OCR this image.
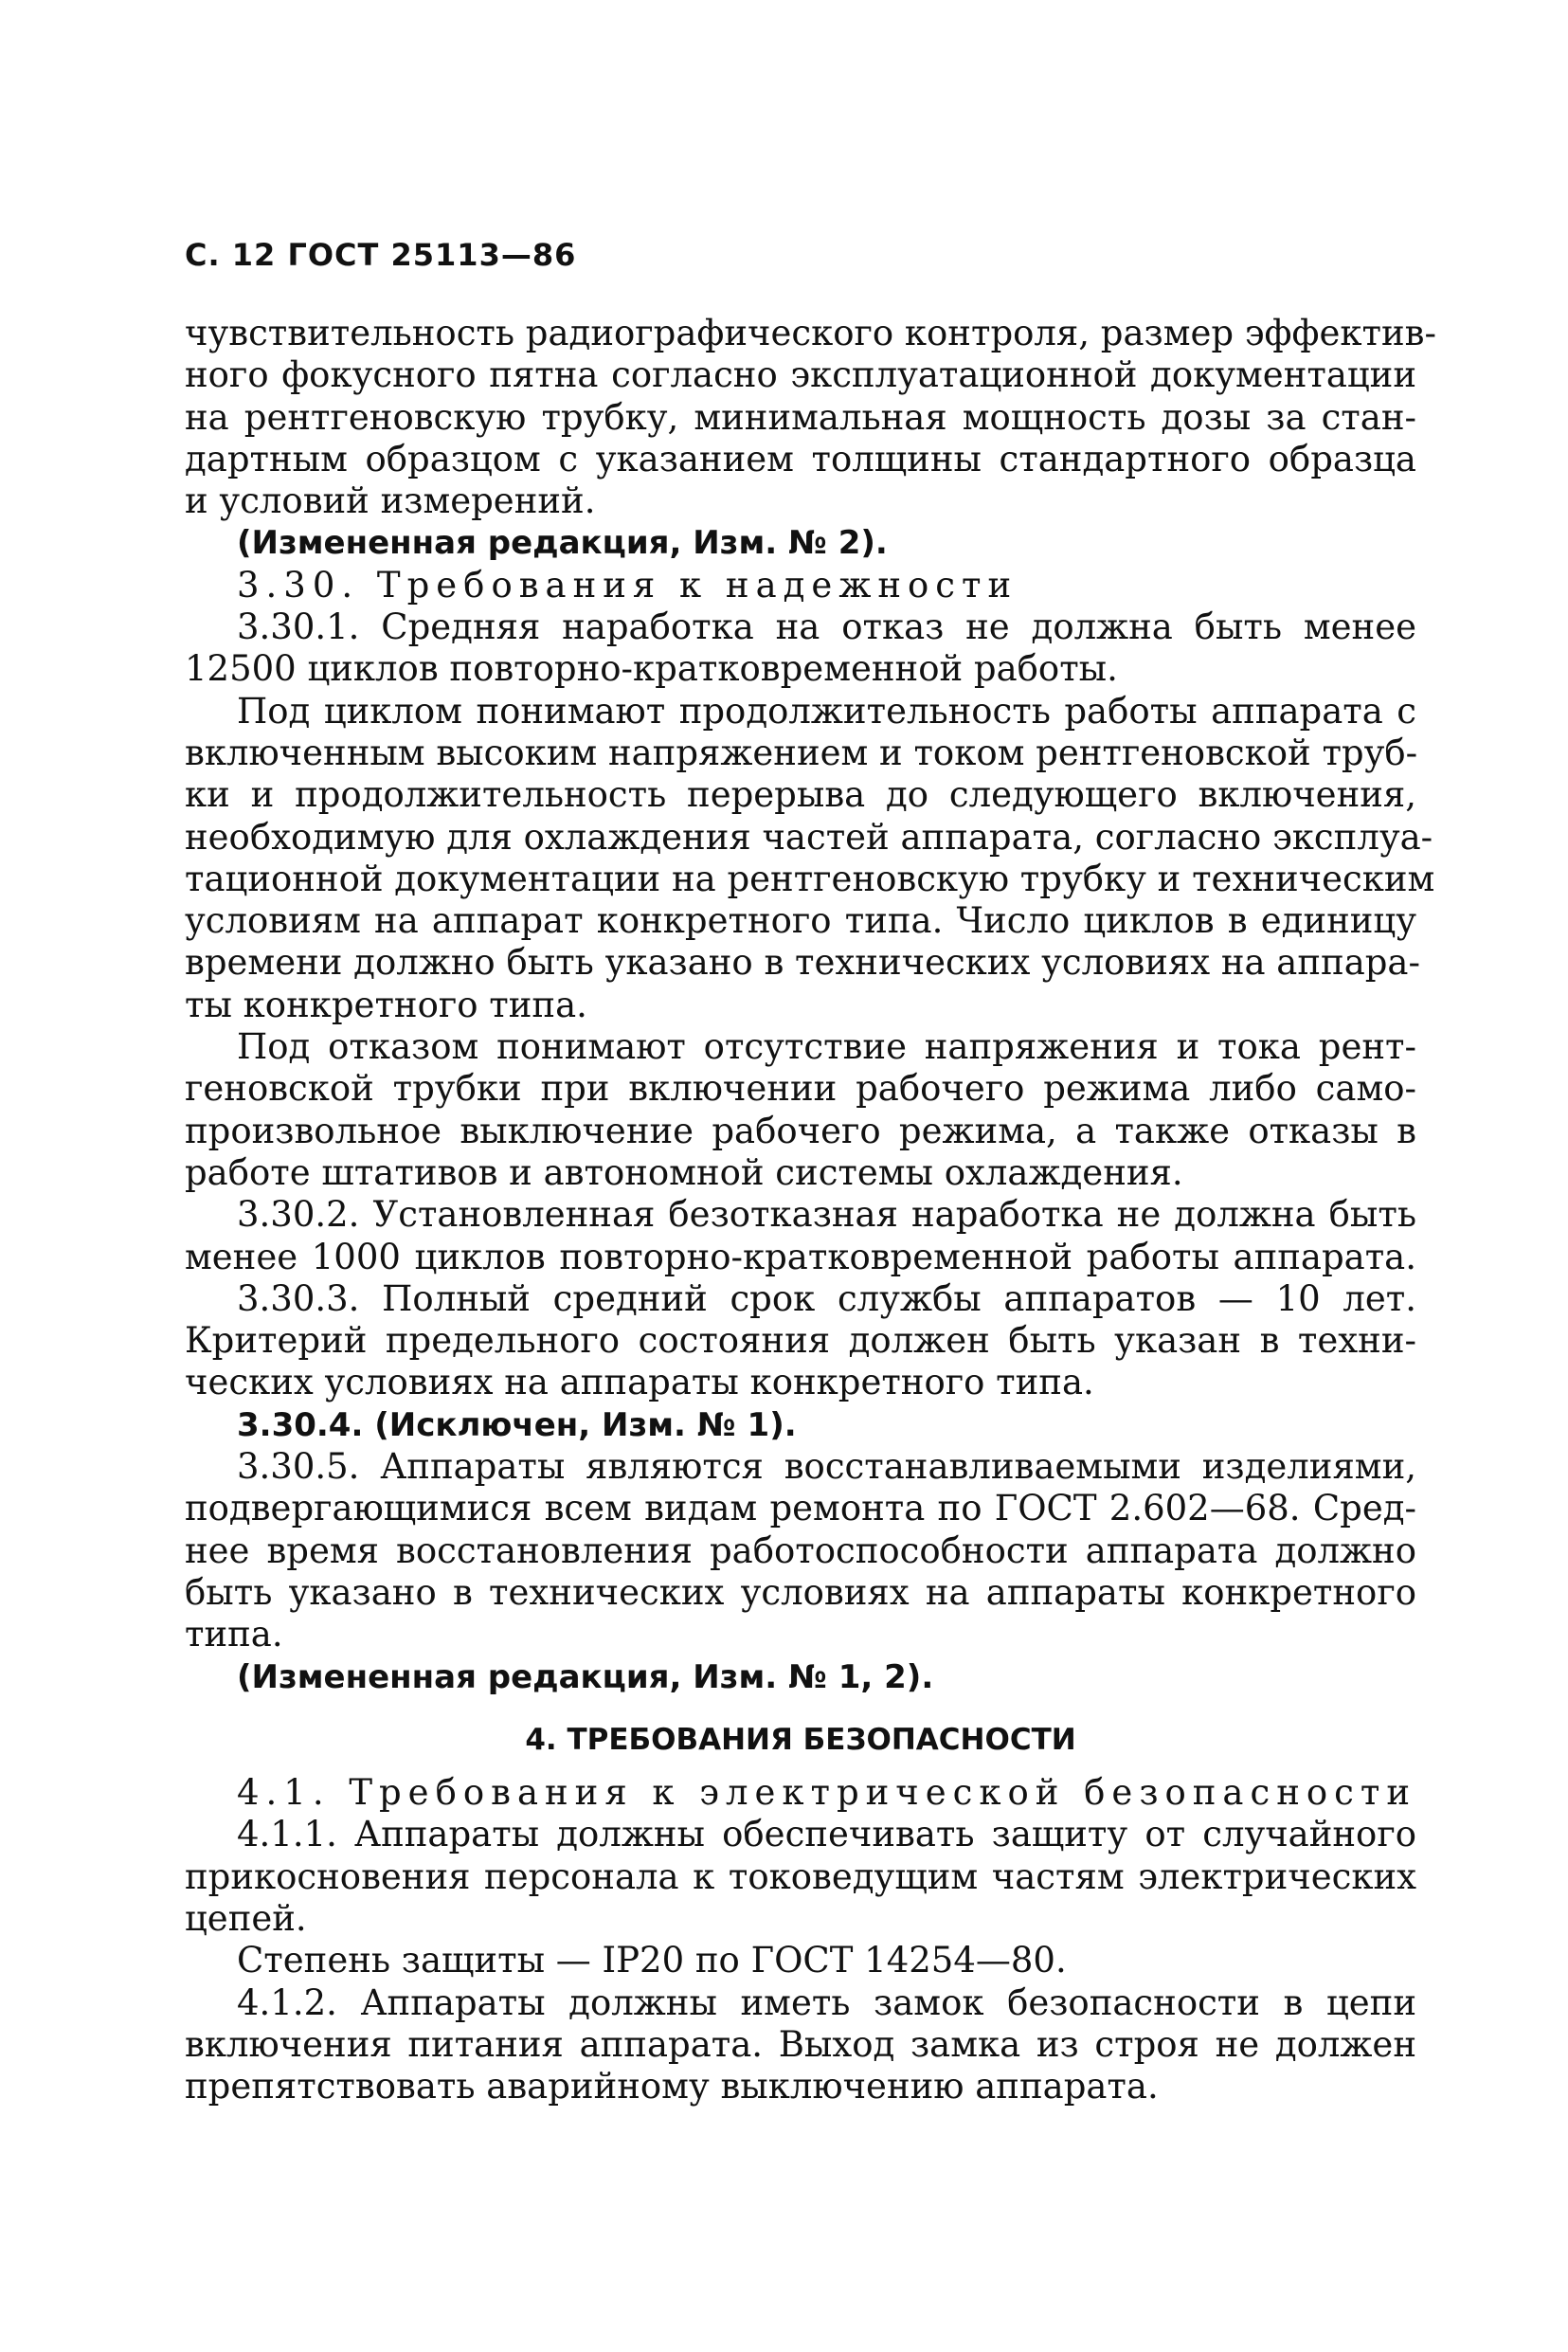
С. 12 ГОСТ 25113—86
чувствительность радиографического контроля, размер эффектив-
ного фокусного пятна согласно эксплуатационной документации
на рентгеновскую трубку, минимальная мощность дозы за стан-
дартным образцом с указанием толщины стандартного образца
и условий измерений.
(Измененная редакция, Изм. № 2).
3.30. Требования к надежности
3.30.1. Средняя наработка на отказ не должна быть менее
12500 циклов повторно-кратковременной работы.
Под циклом понимают продолжительность работы аппарата с
включенным высоким напряжением и током рентгеновской труб-
ки и продолжительность перерыва до следующего включения,
необходимую для охлаждения частей аппарата, согласно эксплуа-
тационной документации на рентгеновскую трубку и техническим
условиям на аппарат конкретного типа. Число циклов в единицу
времени должно быть указано в технических условиях на аппара-
ты конкретного типа.
Под отказом понимают отсутствие напряжения и тока рент-
геновской трубки при включении рабочего режима либо само-
произвольное выключение рабочего режима, а также отказы в
работе штативов и автономной системы охлаждения.
3.30.2. Установленная безотказная наработка не должна быть
менее 1000 циклов повторно-кратковременной работы аппарата.
3.30.3. Полный средний срок службы аппаратов — 10 лет.
Критерий предельного состояния должен быть указан в техни-
ческих условиях на аппараты конкретного типа.
3.30.4. (Исключен, Изм. № 1).
3.30.5. Аппараты являются восстанавливаемыми изделиями,
подвергающимися всем видам ремонта по ГОСТ 2.602—68. Сред-
нее время восстановления работоспособности аппарата должно
быть указано в технических условиях на аппараты конкретного
типа.
(Измененная редакция, Изм. № 1, 2).
4. ТРЕБОВАНИЯ БЕЗОПАСНОСТИ
4.1. Требования к электрической безопасности
4.1.1. Аппараты должны обеспечивать защиту от случайного
прикосновения персонала к токоведущим частям электрических
цепей.
Степень защиты — IP20 по ГОСТ 14254—80.
4.1.2. Аппараты должны иметь замок безопасности в цепи
включения питания аппарата. Выход замка из строя не должен
препятствовать аварийному выключению аппарата.
